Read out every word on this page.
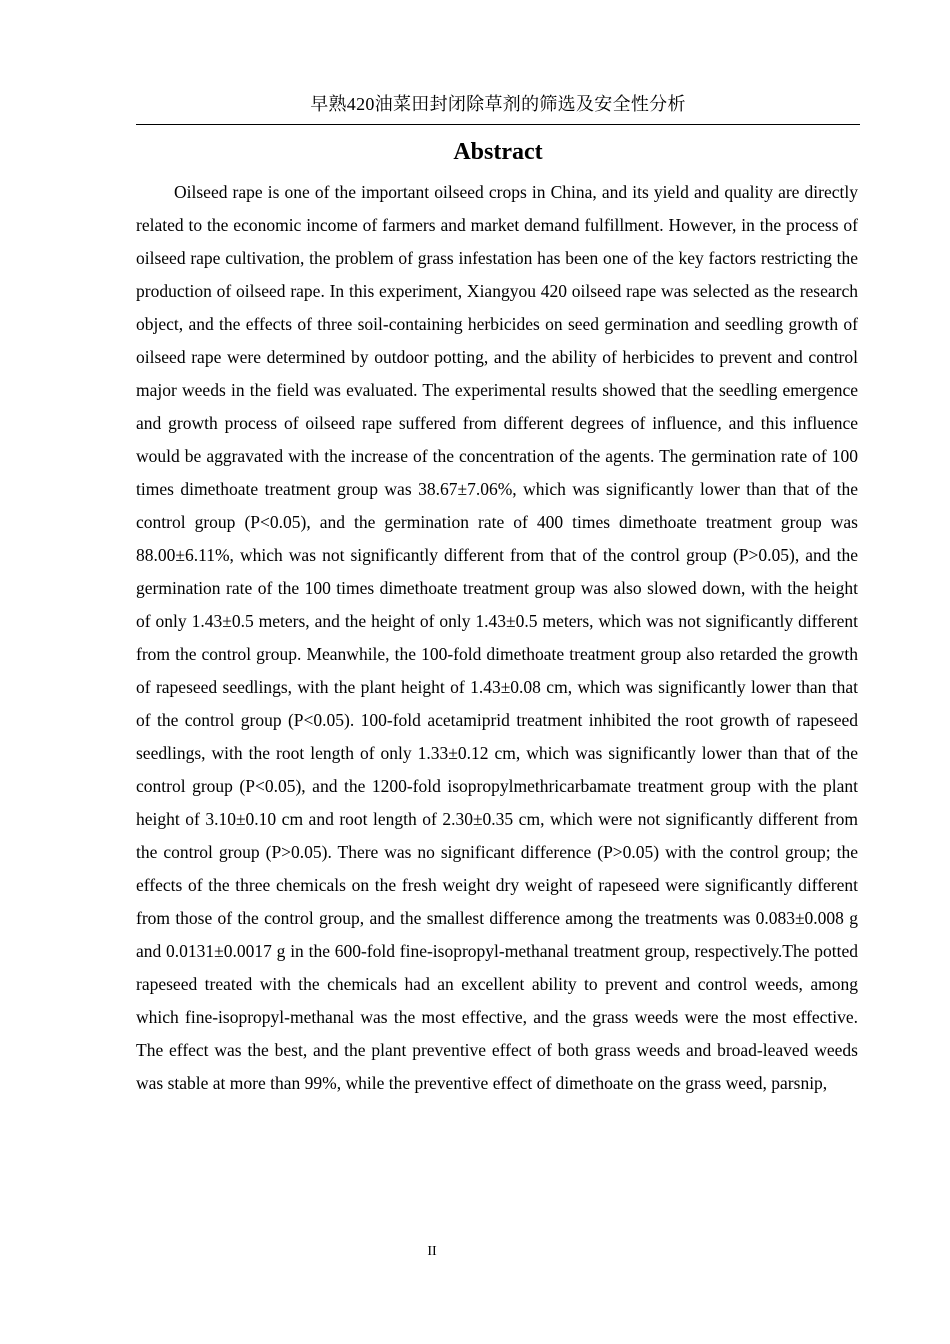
早熟420油菜田封闭除草剂的筛选及安全性分析
Abstract

Oilseed rape is one of the important oilseed crops in China, and its yield and quality are directly related to the economic income of farmers and market demand fulfillment. However, in the process of oilseed rape cultivation, the problem of grass infestation has been one of the key factors restricting the production of oilseed rape. In this experiment, Xiangyou 420 oilseed rape was selected as the research object, and the effects of three soil-containing herbicides on seed germination and seedling growth of oilseed rape were determined by outdoor potting, and the ability of herbicides to prevent and control major weeds in the field was evaluated. The experimental results showed that the seedling emergence and growth process of oilseed rape suffered from different degrees of influence, and this influence would be aggravated with the increase of the concentration of the agents. The germination rate of 100 times dimethoate treatment group was 38.67±7.06%, which was significantly lower than that of the control group (P<0.05), and the germination rate of 400 times dimethoate treatment group was 88.00±6.11%, which was not significantly different from that of the control group (P>0.05), and the germination rate of the 100 times dimethoate treatment group was also slowed down, with the height of only 1.43±0.5 meters, and the height of only 1.43±0.5 meters, which was not significantly different from the control group. Meanwhile, the 100-fold dimethoate treatment group also retarded the growth of rapeseed seedlings, with the plant height of 1.43±0.08 cm, which was significantly lower than that of the control group (P<0.05). 100-fold acetamiprid treatment inhibited the root growth of rapeseed seedlings, with the root length of only 1.33±0.12 cm, which was significantly lower than that of the control group (P<0.05), and the 1200-fold isopropylmethricarbamate treatment group with the plant height of 3.10±0.10 cm and root length of 2.30±0.35 cm, which were not significantly different from the control group (P>0.05). There was no significant difference (P>0.05) with the control group; the effects of the three chemicals on the fresh weight dry weight of rapeseed were significantly different from those of the control group, and the smallest difference among the treatments was 0.083±0.008 g and 0.0131±0.0017 g in the 600-fold fine-isopropyl-methanal treatment group, respectively.The potted rapeseed treated with the chemicals had an excellent ability to prevent and control weeds, among which fine-isopropyl-methanal was the most effective, and the grass weeds were the most effective. The effect was the best, and the plant preventive effect of both grass weeds and broad-leaved weeds was stable at more than 99%, while the preventive effect of dimethoate on the grass weed, parsnip,

II
